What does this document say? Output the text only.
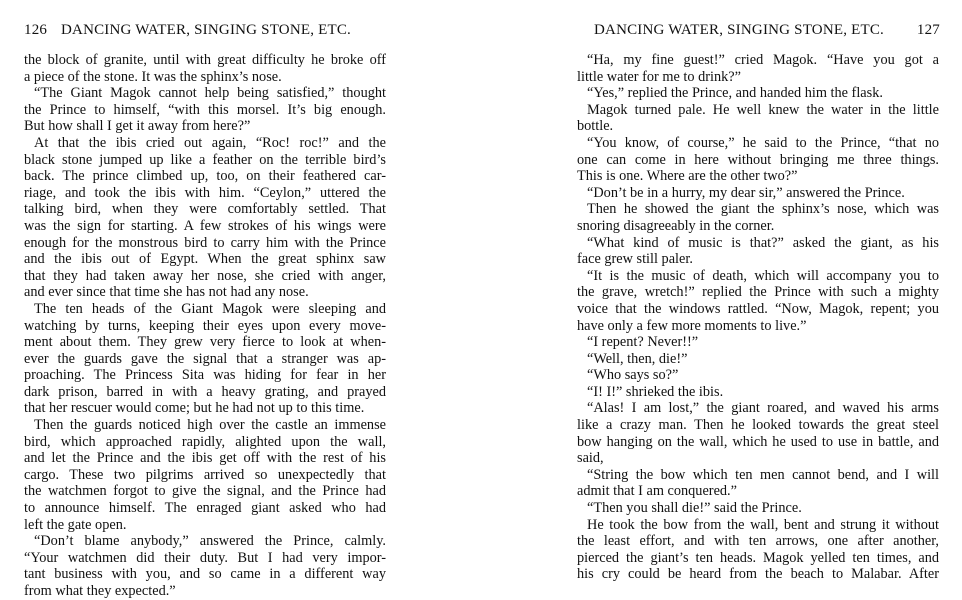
126 DANCING WATER, SINGING STONE, ETC.
the block of granite, until with great difficulty he broke off
a piece of the stone. It was the sphinx’s nose.
“The Giant Magok cannot help being satisfied,” thought
the Prince to himself, “with this morsel. It’s big enough.
But how shall I get it away from here?”
At that the ibis cried out again, “Roc! roc!” and the
black stone jumped up like a feather on the terrible bird’s
back. The prince climbed up, too, on their feathered car-
riage, and took the ibis with him. “Ceylon,” uttered the
talking bird, when they were comfortably settled. That
was the sign for starting. A few strokes of his wings were
enough for the monstrous bird to carry him with the Prince
and the ibis out of Egypt. When the great sphinx saw
that they had taken away her nose, she cried with anger,
and ever since that time she has not had any nose.
The ten heads of the Giant Magok were sleeping and
watching by turns, keeping their eyes upon every move-
ment about them. They grew very fierce to look at when-
ever the guards gave the signal that a stranger was ap-
proaching. The Princess Sita was hiding for fear in her
dark prison, barred in with a heavy grating, and prayed
that her rescuer would come; but he had not up to this time.
Then the guards noticed high over the castle an immense
bird, which approached rapidly, alighted upon the wall,
and let the Prince and the ibis get off with the rest of his
cargo. These two pilgrims arrived so unexpectedly that
the watchmen forgot to give the signal, and the Prince had
to announce himself. The enraged giant asked who had
left the gate open.
“Don’t blame anybody,” answered the Prince, calmly.
“Your watchmen did their duty. But I had very impor-
tant business with you, and so came in a different way
from what they expected.”
DANCING WATER, SINGING STONE, ETC. 127
“Ha, my fine guest!” cried Magok. “Have you got a
little water for me to drink?”
“Yes,” replied the Prince, and handed him the flask.
Magok turned pale. He well knew the water in the little
bottle.
“You know, of course,” he said to the Prince, “that no
one can come in here without bringing me three things.
This is one. Where are the other two?”
“Don’t be in a hurry, my dear sir,” answered the Prince.
Then he showed the giant the sphinx’s nose, which was
snoring disagreeably in the corner.
“What kind of music is that?” asked the giant, as his
face grew still paler.
“It is the music of death, which will accompany you to
the grave, wretch!” replied the Prince with such a mighty
voice that the windows rattled. “Now, Magok, repent; you
have only a few more moments to live.”
“I repent? Never!!”
“Well, then, die!”
“Who says so?”
“I! I!” shrieked the ibis.
“Alas! I am lost,” the giant roared, and waved his arms
like a crazy man. Then he looked towards the great steel
bow hanging on the wall, which he used to use in battle, and
said,
“String the bow which ten men cannot bend, and I will
admit that I am conquered.”
“Then you shall die!” said the Prince.
He took the bow from the wall, bent and strung it without
the least effort, and with ten arrows, one after another,
pierced the giant’s ten heads. Magok yelled ten times, and
his cry could be heard from the beach to Malabar. After
